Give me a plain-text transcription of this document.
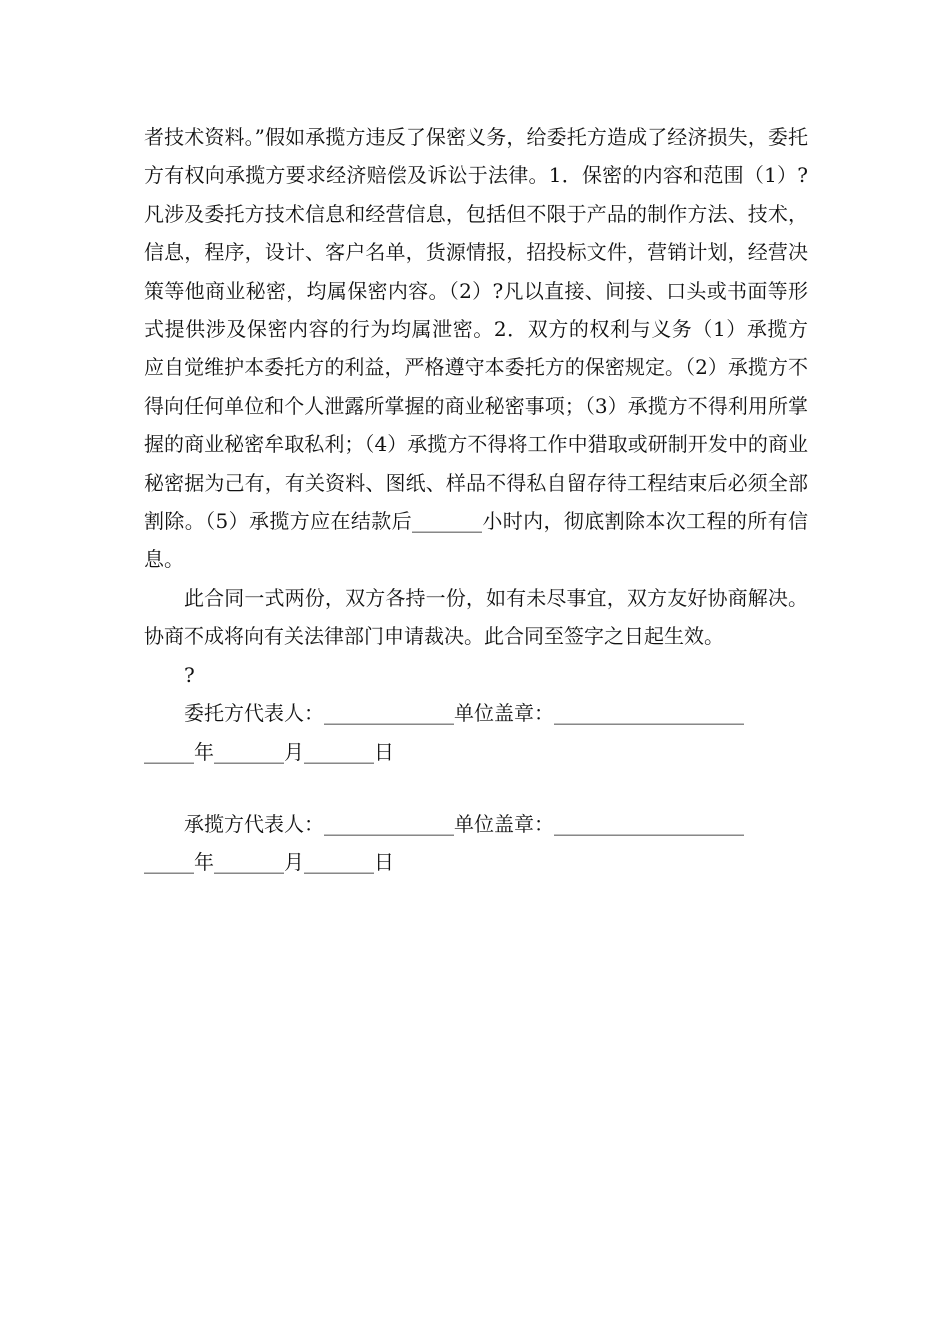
者技术资料。”假如承揽方违反了保密义务，给委托方造成了经济损失，委托方有权向承揽方要求经济赔偿及诉讼于法律。1．保密的内容和范围（1）?凡涉及委托方技术信息和经营信息，包括但不限于产品的制作方法、技术，信息，程序，设计、客户名单，货源情报，招投标文件，营销计划，经营决策等他商业秘密，均属保密内容。（2）?凡以直接、间接、口头或书面等形式提供涉及保密内容的行为均属泄密。2．双方的权利与义务（1）承揽方应自觉维护本委托方的利益，严格遵守本委托方的保密规定。（2）承揽方不得向任何单位和个人泄露所掌握的商业秘密事项；（3）承揽方不得利用所掌握的商业秘密牟取私利；（4）承揽方不得将工作中猎取或研制开发中的商业秘密据为己有，有关资料、图纸、样品不得私自留存待工程结束后必须全部割除。（5）承揽方应在结款后_______小时内，彻底割除本次工程的所有信息。

此合同一式两份，双方各持一份，如有未尽事宜，双方友好协商解决。协商不成将向有关法律部门申请裁决。此合同至签字之日起生效。

?

委托方代表人：_____________单位盖章：___________________

_____年_______月_______日

承揽方代表人：_____________单位盖章：___________________

_____年_______月_______日
